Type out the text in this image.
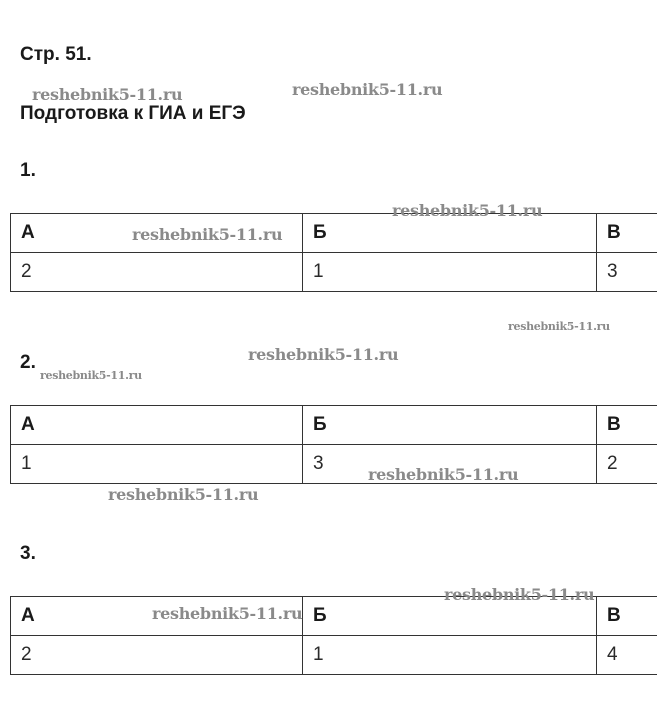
Стр. 51.
Подготовка к ГИА и ЕГЭ
1.
А	Б	В
2	1	3
2.
А	Б	В
1	3	2
3.
А	Б	В
2	1	4
reshebnik5-11.ru	reshebnik5-11.ru
reshebnik5-11.ru
reshebnik5-11.ru
reshebnik5-11.ru
reshebnik5-11.ru
reshebnik5-11.ru
reshebnik5-11.ru
reshebnik5-11.ru
reshebnik5-11.ru
reshebnik5-11.ru
